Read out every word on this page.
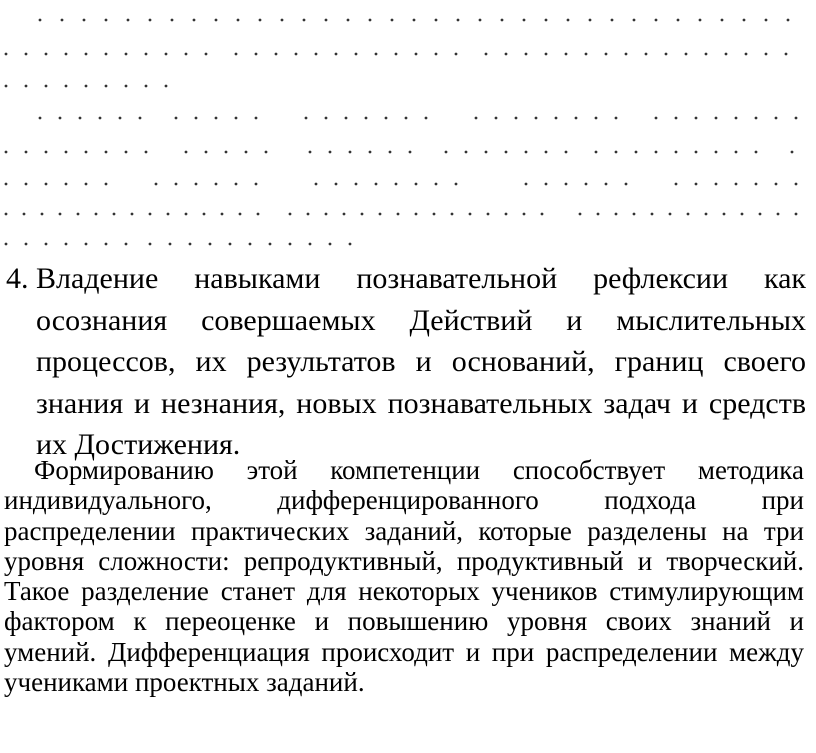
4. Владение навыками познавательной рефлексии как осознания совершаемых Действий и мыслительных процессов, их результатов и оснований, границ своего знания и незнания, новых познавательных задач и средств их Достижения.
Формированию этой компетенции способствует методика индивидуального, дифференцированного подхода при распределении практических заданий, которые разделены на три уровня сложности: репродуктивный, продуктивный и творческий. Такое разделение станет для некоторых учеников стимулирующим фактором к переоценке и повышению уровня своих знаний и умений. Дифференциация происходит и при распределении между учениками проектных заданий.
